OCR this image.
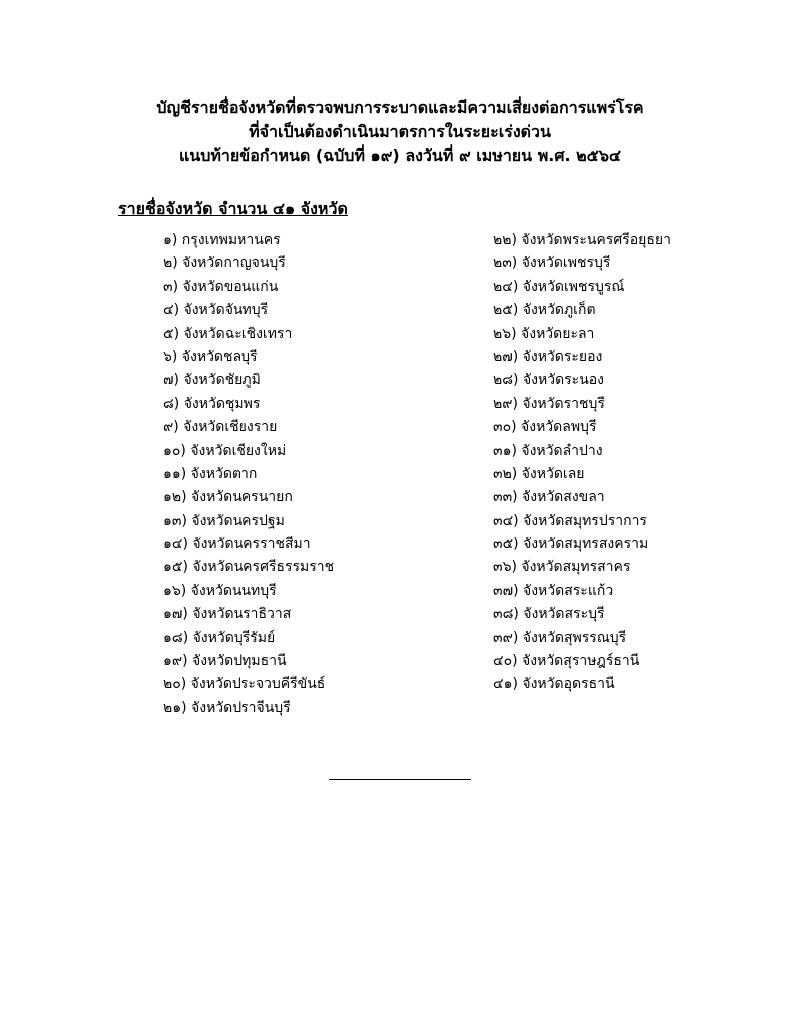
บัญชีรายชื่อจังหวัดที่ตรวจพบการระบาดและมีความเสี่ยงต่อการแพร่โรค
ที่จำเป็นต้องดำเนินมาตรการในระยะเร่งด่วน
แนบท้ายข้อกำหนด (ฉบับที่ ๑๙) ลงวันที่ ๙ เมษายน พ.ศ. ๒๕๖๔
รายชื่อจังหวัด จำนวน ๔๑ จังหวัด
๑) กรุงเทพมหานคร
๒) จังหวัดกาญจนบุรี
๓) จังหวัดขอนแก่น
๔) จังหวัดจันทบุรี
๕) จังหวัดฉะเชิงเทรา
๖) จังหวัดชลบุรี
๗) จังหวัดชัยภูมิ
๘) จังหวัดชุมพร
๙) จังหวัดเชียงราย
๑๐) จังหวัดเชียงใหม่
๑๑) จังหวัดตาก
๑๒) จังหวัดนครนายก
๑๓) จังหวัดนครปฐม
๑๔) จังหวัดนครราชสีมา
๑๕) จังหวัดนครศรีธรรมราช
๑๖) จังหวัดนนทบุรี
๑๗) จังหวัดนราธิวาส
๑๘) จังหวัดบุรีรัมย์
๑๙) จังหวัดปทุมธานี
๒๐) จังหวัดประจวบคีรีขันธ์
๒๑) จังหวัดปราจีนบุรี
๒๒) จังหวัดพระนครศรีอยุธยา
๒๓) จังหวัดเพชรบุรี
๒๔) จังหวัดเพชรบูรณ์
๒๕) จังหวัดภูเก็ต
๒๖) จังหวัดยะลา
๒๗) จังหวัดระยอง
๒๘) จังหวัดระนอง
๒๙) จังหวัดราชบุรี
๓๐) จังหวัดลพบุรี
๓๑) จังหวัดลำปาง
๓๒) จังหวัดเลย
๓๓) จังหวัดสงขลา
๓๔) จังหวัดสมุทรปราการ
๓๕) จังหวัดสมุทรสงคราม
๓๖) จังหวัดสมุทรสาคร
๓๗) จังหวัดสระแก้ว
๓๘) จังหวัดสระบุรี
๓๙) จังหวัดสุพรรณบุรี
๔๐) จังหวัดสุราษฎร์ธานี
๔๑) จังหวัดอุดรธานี
